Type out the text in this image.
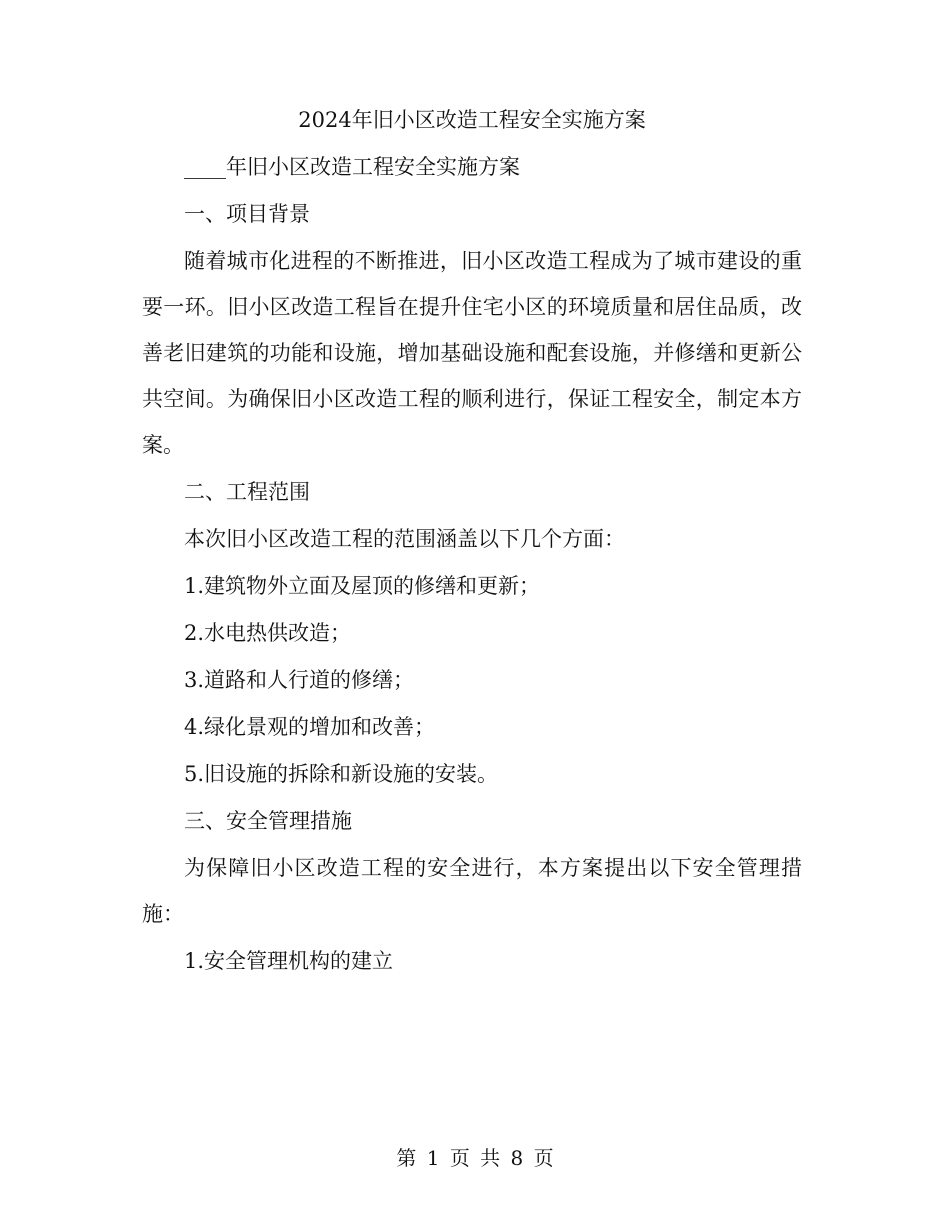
2024年旧小区改造工程安全实施方案

____年旧小区改造工程安全实施方案

一、项目背景

随着城市化进程的不断推进，旧小区改造工程成为了城市建设的重要一环。旧小区改造工程旨在提升住宅小区的环境质量和居住品质，改善老旧建筑的功能和设施，增加基础设施和配套设施，并修缮和更新公共空间。为确保旧小区改造工程的顺利进行，保证工程安全，制定本方案。

二、工程范围

本次旧小区改造工程的范围涵盖以下几个方面：

1.建筑物外立面及屋顶的修缮和更新；

2.水电热供改造；

3.道路和人行道的修缮；

4.绿化景观的增加和改善；

5.旧设施的拆除和新设施的安装。

三、安全管理措施

为保障旧小区改造工程的安全进行，本方案提出以下安全管理措施：

1.安全管理机构的建立

第 1 页 共 8 页
